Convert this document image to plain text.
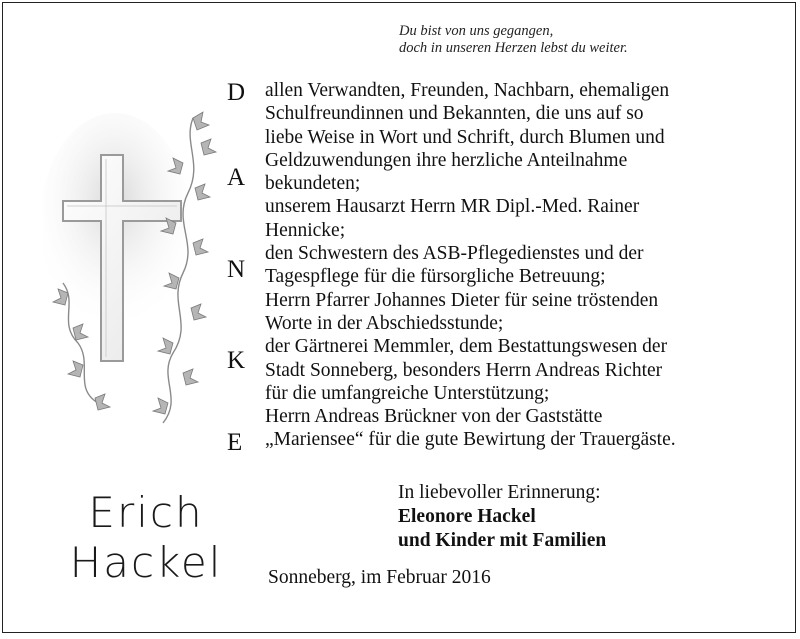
Du bist von uns gegangen,
doch in unseren Herzen lebst du weiter.
D
A
N
K
E
allen Verwandten, Freunden, Nachbarn, ehemaligen
Schulfreundinnen und Bekannten, die uns auf so
liebe Weise in Wort und Schrift, durch Blumen und
Geldzuwendungen ihre herzliche Anteilnahme
bekundeten;
unserem Hausarzt Herrn MR Dipl.-Med. Rainer
Hennicke;
den Schwestern des ASB-Pflegedienstes und der
Tagespflege für die fürsorgliche Betreuung;
Herrn Pfarrer Johannes Dieter für seine tröstenden
Worte in der Abschiedsstunde;
der Gärtnerei Memmler, dem Bestattungswesen der
Stadt Sonneberg, besonders Herrn Andreas Richter
für die umfangreiche Unterstützung;
Herrn Andreas Brückner von der Gaststätte
„Mariensee“ für die gute Bewirtung der Trauergäste.
In liebevoller Erinnerung:
Eleonore Hackel
und Kinder mit Familien
Sonneberg, im Februar 2016
Erich
Hackel
